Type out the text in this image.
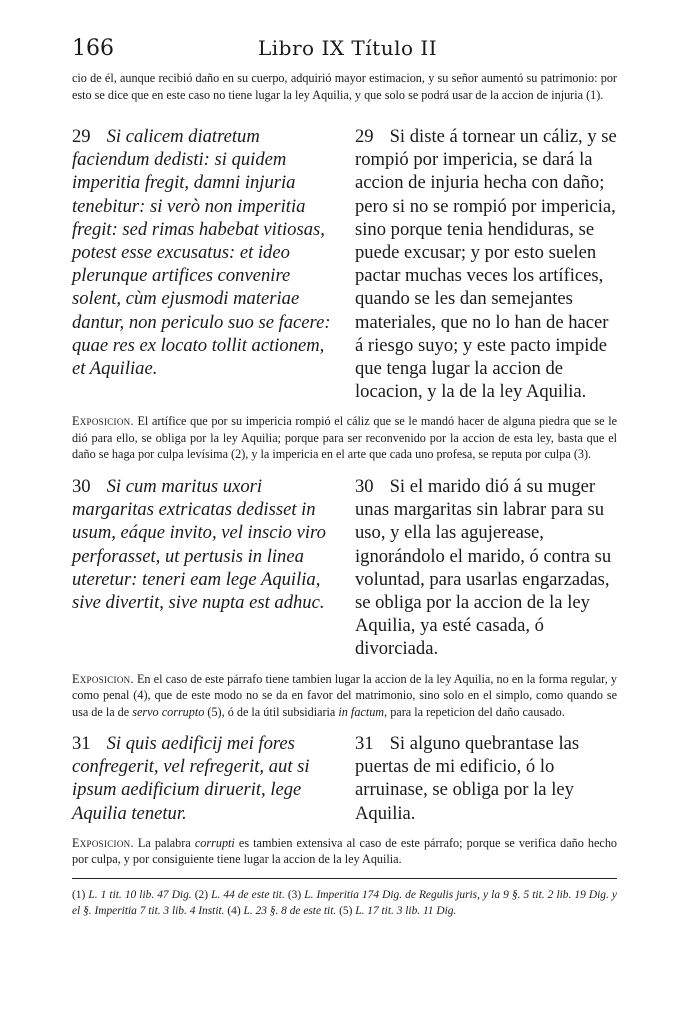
166	Libro IX Título II
cio de él, aunque recibió daño en su cuerpo, adquirió mayor estimacion, y su señor aumentó su patrimonio: por esto se dice que en este caso no tiene lugar la ley Aquilia, y que solo se podrá usar de la accion de injuria (1).
29 Si calicem diatretum faciendum dedisti: si quidem imperitia fregit, damni injuria tenebitur: si verò non imperitia fregit: sed rimas habebat vitiosas, potest esse excusatus: et ideo plerunque artifices convenire solent, cùm ejusmodi materiae dantur, non periculo suo se facere: quae res ex locato tollit actionem, et Aquiliae.
29 Si diste á tornear un cáliz, y se rompió por impericia, se dará la accion de injuria hecha con daño; pero si no se rompió por impericia, sino porque tenia hendiduras, se puede excusar; y por esto suelen pactar muchas veces los artífices, quando se les dan semejantes materiales, que no lo han de hacer á riesgo suyo; y este pacto impide que tenga lugar la accion de locacion, y la de la ley Aquilia.
Exposicion. El artífice que por su impericia rompió el cáliz que se le mandó hacer de alguna piedra que se le dió para ello, se obliga por la ley Aquilia; porque para ser reconvenido por la accion de esta ley, basta que el daño se haga por culpa levísima (2), y la impericia en el arte que cada uno profesa, se reputa por culpa (3).
30 Si cum maritus uxori margaritas extricatas dedisset in usum, eáque invito, vel inscio viro perforasset, ut pertusis in linea uteretur: teneri eam lege Aquilia, sive divertit, sive nupta est adhuc.
30 Si el marido dió á su muger unas margaritas sin labrar para su uso, y ella las agujerease, ignorándolo el marido, ó contra su voluntad, para usarlas engarzadas, se obliga por la accion de la ley Aquilia, ya esté casada, ó divorciada.
Exposicion. En el caso de este párrafo tiene tambien lugar la accion de la ley Aquilia, no en la forma regular, y como penal (4), que de este modo no se da en favor del matrimonio, sino solo en el simplo, como quando se usa de la de servo corrupto (5), ó de la útil subsidiaria in factum, para la repeticion del daño causado.
31 Si quis aedificij mei fores confregerit, vel refregerit, aut si ipsum aedificium diruerit, lege Aquilia tenetur.
31 Si alguno quebrantase las puertas de mi edificio, ó lo arruinase, se obliga por la ley Aquilia.
Exposicion. La palabra corrupti es tambien extensiva al caso de este párrafo; porque se verifica daño hecho por culpa, y por consiguiente tiene lugar la accion de la ley Aquilia.
(1) L. 1 tit. 10 lib. 47 Dig. (2) L. 44 de este tit. (3) L. Imperitia 174 Dig. de Regulis juris, y la 9 §. 5 tit. 2 lib. 19 Dig. y el §. Imperitia 7 tit. 3 lib. 4 Instit. (4) L. 23 §. 8 de este tit. (5) L. 17 tit. 3 lib. 11 Dig.
